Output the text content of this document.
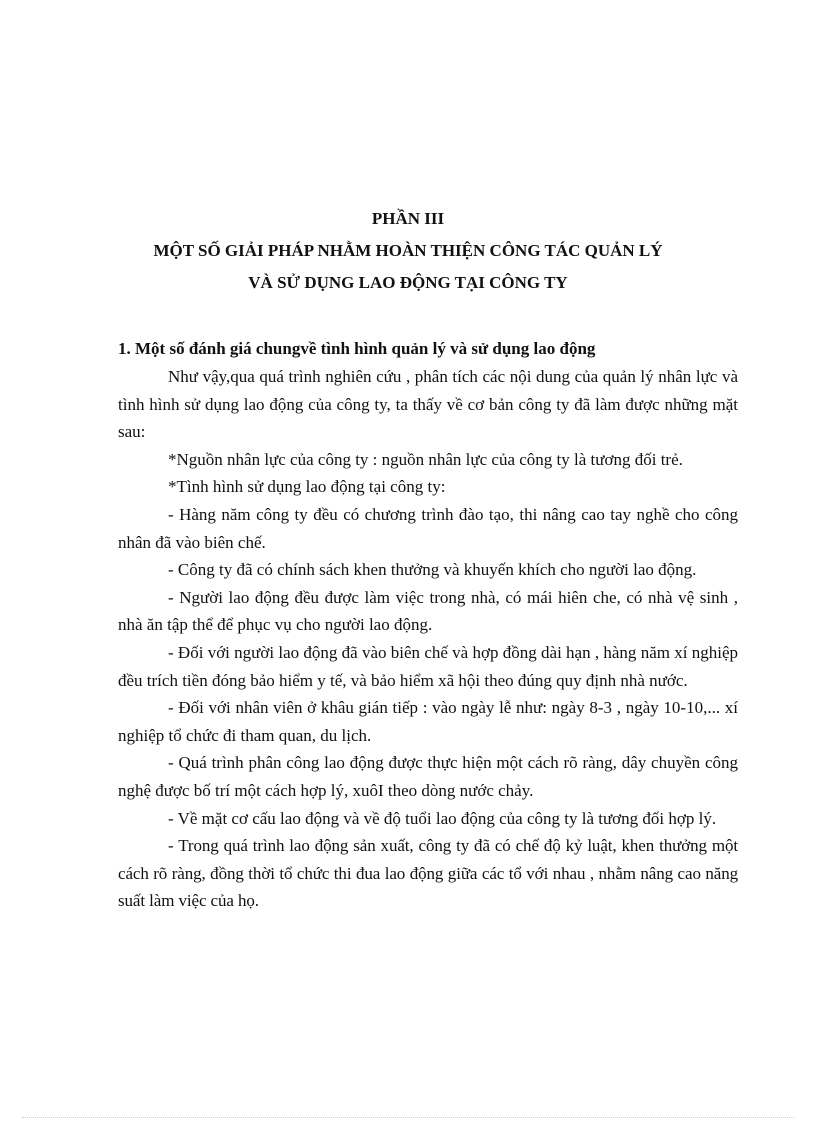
PHẦN III
MỘT SỐ GIẢI PHÁP NHẰM HOÀN THIỆN CÔNG TÁC QUẢN LÝ
VÀ SỬ DỤNG LAO ĐỘNG TẠI CÔNG TY
1. Một số đánh giá chungvề tình hình quản lý và sử dụng lao động

Như vậy,qua quá trình nghiên cứu , phân tích các nội dung của quản lý nhân lực và tình hình sử dụng lao động của công ty, ta thấy về cơ bản công ty đã làm được những mặt sau:

*Nguồn nhân lực của công ty : nguồn nhân lực của công ty là tương đối trẻ.

*Tình hình sử dụng lao động tại công ty:

- Hàng năm công ty đều có chương trình đào tạo, thi nâng cao tay nghề cho công nhân đã vào biên chế.

- Công ty đã có chính sách khen thưởng và khuyến khích cho người lao động.

- Người lao động đều được làm việc trong nhà, có mái hiên che, có nhà vệ sinh , nhà ăn tập thể để phục vụ cho người lao động.

- Đối với người lao động đã vào biên chế và hợp đồng dài hạn , hàng năm xí nghiệp đều trích tiền đóng bảo hiểm y tế, và bảo hiểm xã hội theo đúng quy định nhà nước.

- Đối với nhân viên ở khâu gián tiếp : vào ngày lễ như: ngày 8-3 , ngày 10-10,... xí nghiệp tổ chức đi tham quan, du lịch.

- Quá trình phân công lao động được thực hiện một cách rõ ràng, dây chuyền công nghệ được bố trí một cách hợp lý, xuôI theo dòng nước chảy.

- Về mặt cơ cấu lao động và về độ tuổi lao động của công ty là tương đối hợp lý.

- Trong quá trình lao động sản xuất, công ty đã có chế độ kỷ luật, khen thưởng một cách rõ ràng, đồng thời tổ chức thi đua lao động giữa các tổ với nhau , nhằm nâng cao năng suất làm việc của họ.
